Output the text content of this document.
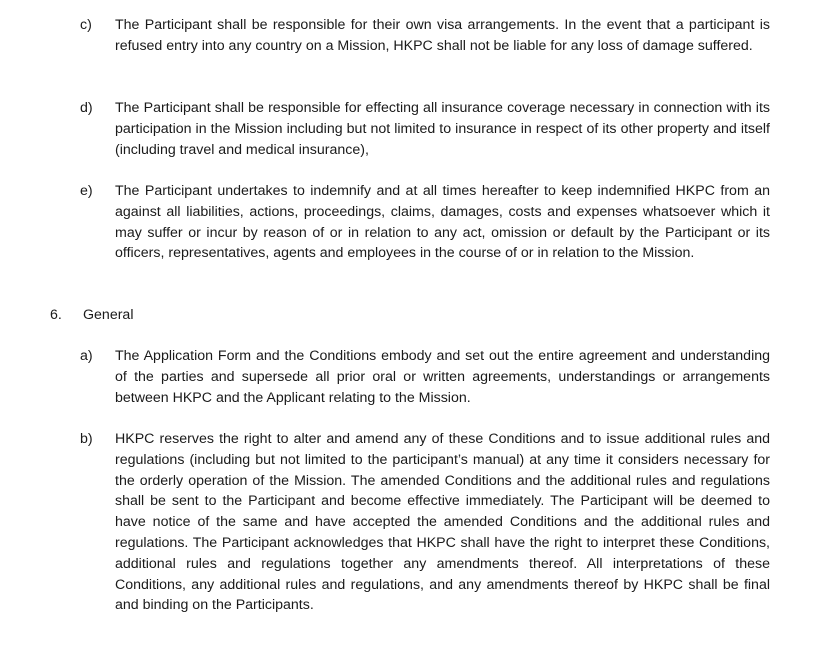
c)	The Participant shall be responsible for their own visa arrangements. In the event that a participant is refused entry into any country on a Mission, HKPC shall not be liable for any loss of damage suffered.
d)	The Participant shall be responsible for effecting all insurance coverage necessary in connection with its participation in the Mission including but not limited to insurance in respect of its other property and itself (including travel and medical insurance),
e)	The Participant undertakes to indemnify and at all times hereafter to keep indemnified HKPC from an against all liabilities, actions, proceedings, claims, damages, costs and expenses whatsoever which it may suffer or incur by reason of or in relation to any act, omission or default by the Participant or its officers, representatives, agents and employees in the course of or in relation to the Mission.
6. General
a)	The Application Form and the Conditions embody and set out the entire agreement and understanding of the parties and supersede all prior oral or written agreements, understandings or arrangements between HKPC and the Applicant relating to the Mission.
b)	HKPC reserves the right to alter and amend any of these Conditions and to issue additional rules and regulations (including but not limited to the participant’s manual) at any time it considers necessary for the orderly operation of the Mission. The amended Conditions and the additional rules and regulations shall be sent to the Participant and become effective immediately. The Participant will be deemed to have notice of the same and have accepted the amended Conditions and the additional rules and regulations. The Participant acknowledges that HKPC shall have the right to interpret these Conditions, additional rules and regulations together any amendments thereof. All interpretations of these Conditions, any additional rules and regulations, and any amendments thereof by HKPC shall be final and binding on the Participants.
